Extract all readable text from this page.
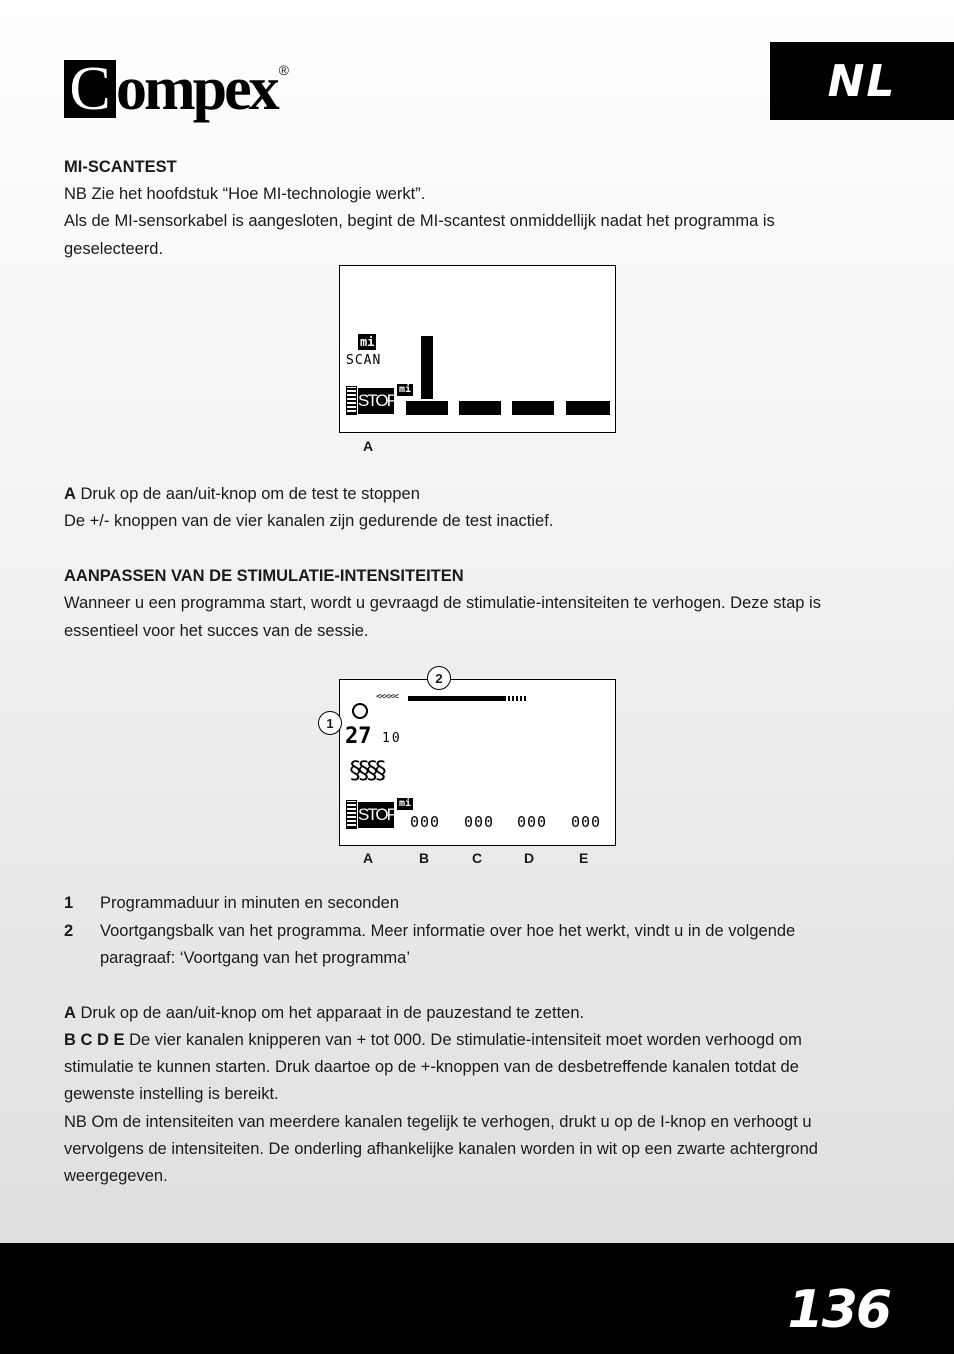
C ompex ®	NL
MI-SCANTEST
NB Zie het hoofdstuk “Hoe MI-technologie werkt”.
Als de MI-sensorkabel is aangesloten, begint de MI-scantest onmiddellijk nadat het programma is
geselecteerd.
mi
SCAN
STOP
mi
A
A Druk op de aan/uit-knop om de test te stoppen
De +/- knoppen van de vier kanalen zijn gedurende de test inactief.
AANPASSEN VAN DE STIMULATIE-INTENSITEITEN
Wanneer u een programma start, wordt u gevraagd de stimulatie-intensiteiten te verhogen. Deze stap is
essentieel voor het succes van de sessie.
<<<<<
27 10
§§§§
STOP
mi
000 000 000 000
1
2
A	B	C	D	E
1 Programmaduur in minuten en seconden
2 Voortgangsbalk van het programma. Meer informatie over hoe het werkt, vindt u in de volgende
paragraaf: ‘Voortgang van het programma’
A Druk op de aan/uit-knop om het apparaat in de pauzestand te zetten.
B C D E De vier kanalen knipperen van + tot 000. De stimulatie-intensiteit moet worden verhoogd om
stimulatie te kunnen starten. Druk daartoe op de +-knoppen van de desbetreffende kanalen totdat de
gewenste instelling is bereikt.
NB Om de intensiteiten van meerdere kanalen tegelijk te verhogen, drukt u op de I-knop en verhoogt u
vervolgens de intensiteiten. De onderling afhankelijke kanalen worden in wit op een zwarte achtergrond
weergegeven.
136
